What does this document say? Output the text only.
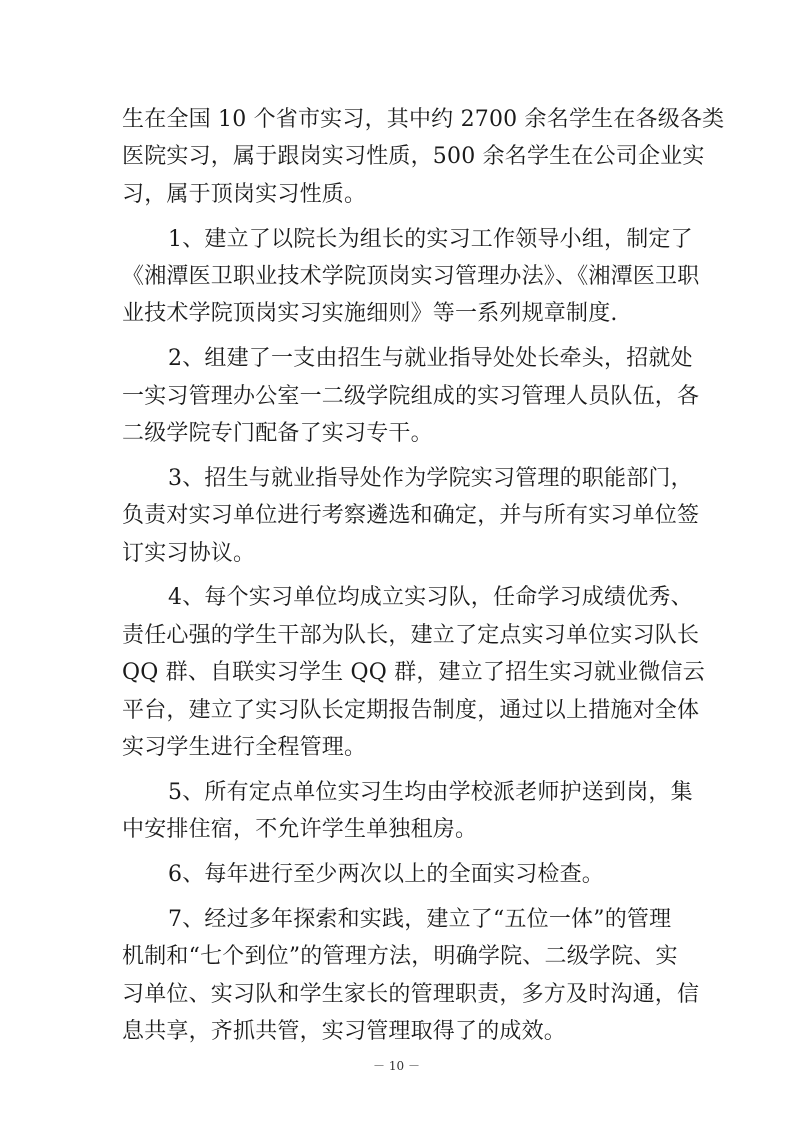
生在全国 10 个省市实习，其中约 2700 余名学生在各级各类
医院实习，属于跟岗实习性质，500 余名学生在公司企业实
习，属于顶岗实习性质。
1、建立了以院长为组长的实习工作领导小组，制定了
《湘潭医卫职业技术学院顶岗实习管理办法》、《湘潭医卫职
业技术学院顶岗实习实施细则》等一系列规章制度.
2、组建了一支由招生与就业指导处处长牵头，招就处
一实习管理办公室一二级学院组成的实习管理人员队伍，各
二级学院专门配备了实习专干。
3、招生与就业指导处作为学院实习管理的职能部门，
负责对实习单位进行考察遴选和确定，并与所有实习单位签
订实习协议。
4、每个实习单位均成立实习队，任命学习成绩优秀、
责任心强的学生干部为队长，建立了定点实习单位实习队长
QQ 群、自联实习学生 QQ 群，建立了招生实习就业微信云
平台，建立了实习队长定期报告制度，通过以上措施对全体
实习学生进行全程管理。
5、所有定点单位实习生均由学校派老师护送到岗，集
中安排住宿，不允许学生单独租房。
6、每年进行至少两次以上的全面实习检查。
7、经过多年探索和实践，建立了“五位一体”的管理
机制和“七个到位”的管理方法，明确学院、二级学院、实
习单位、实习队和学生家长的管理职责，多方及时沟通，信
息共享，齐抓共管，实习管理取得了的成效。
－ 10 －
